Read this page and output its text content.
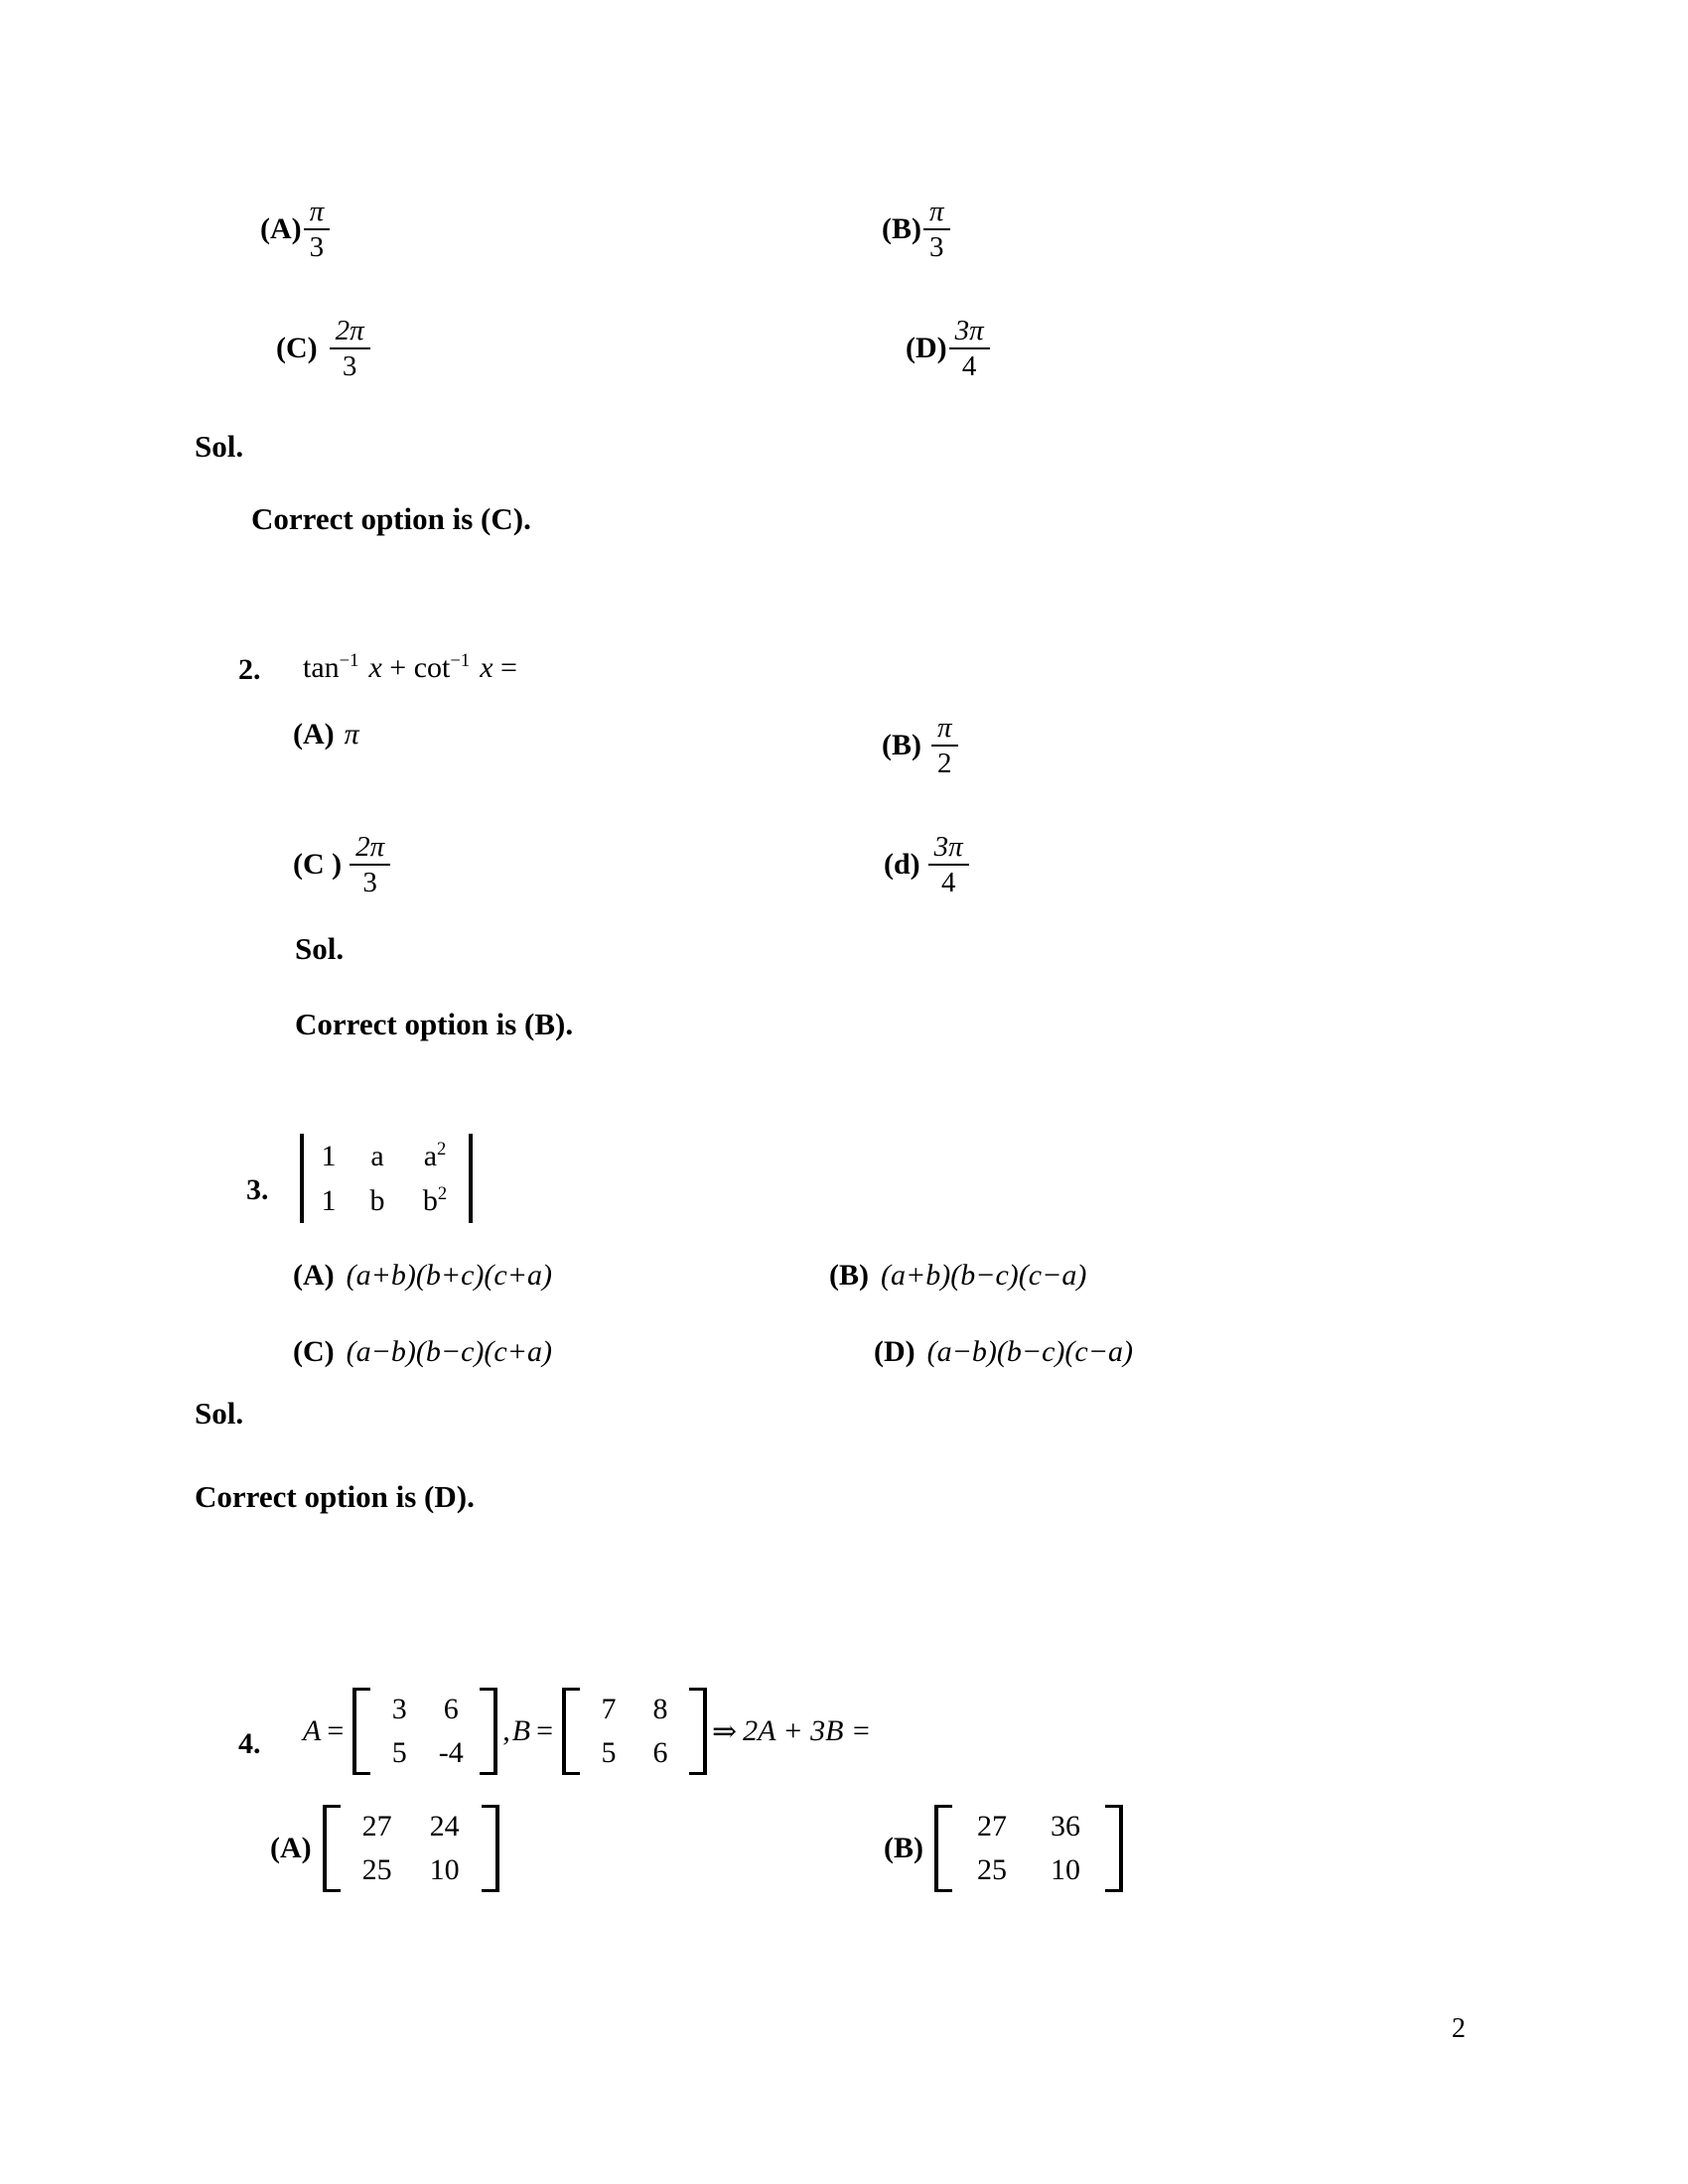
$(A) \frac{\pi}{3}$	$(B) \frac{\pi}{3}$
$(C) \frac{2\pi}{3}$	$(D) \frac{3\pi}{4}$
Sol.
Correct option is (C).
2. $\tan^{-1}$  $x + \cot^{-1}$  x =
(A) π	$(B) \frac{\pi}{2}$
(C ) $\frac{2\pi}{3}$	$(d) \frac{3\pi}{4}$
Sol.
Correct option is (B).
3.
1	a	$a^2$
1	b	$b^2$
(A) (a+b)(b+c)(c+a)	(B) (a+b)(b−c)(c−a)
(C) (a−b)(b−c)(c+a)	(D) (a−b)(b−c)(c−a)
Sol.
Correct option is (D).
4. A =
3	6
5	-4
, B =
7	8
5	6
⇒ 2A + 3B =
(A)
27	24
25	10
(B)
27	36
25	10
2
